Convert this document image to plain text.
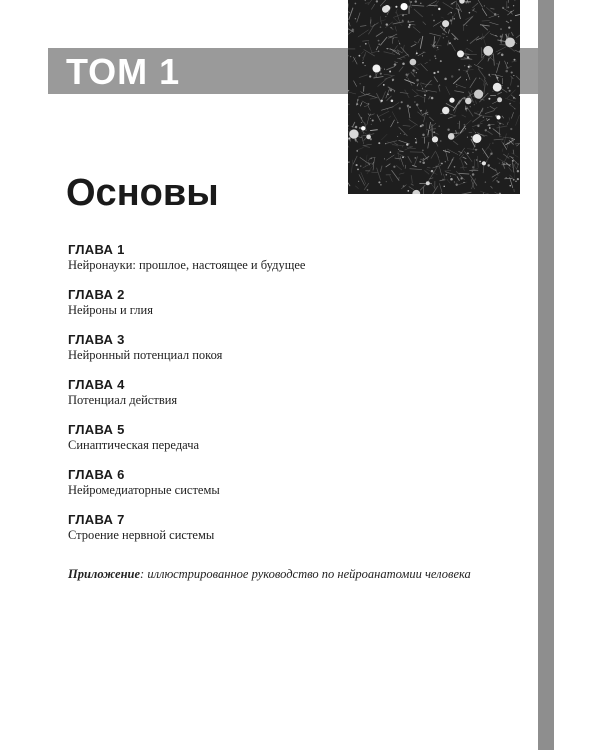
ТОМ 1
Основы
ГЛАВА 1
Нейронауки: прошлое, настоящее и будущее
ГЛАВА 2
Нейроны и глия
ГЛАВА 3
Нейронный потенциал покоя
ГЛАВА 4
Потенциал действия
ГЛАВА 5
Синаптическая передача
ГЛАВА 6
Нейромедиаторные системы
ГЛАВА 7
Строение нервной системы

Приложение: иллюстрированное руководство по нейроанатомии человека
